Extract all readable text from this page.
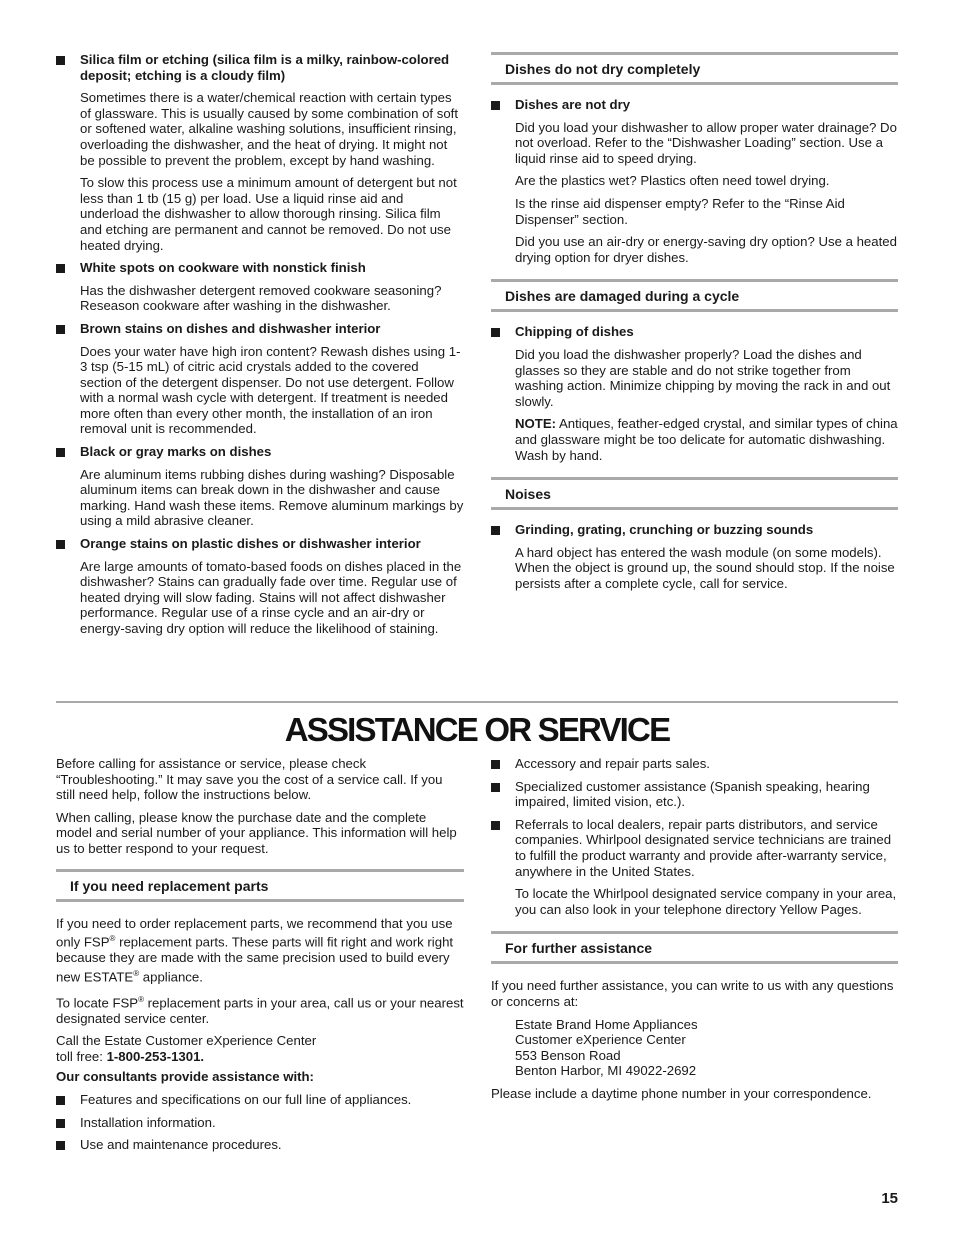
Silica film or etching (silica film is a milky, rainbow-colored deposit; etching is a cloudy film)

Sometimes there is a water/chemical reaction with certain types of glassware. This is usually caused by some combination of soft or softened water, alkaline washing solutions, insufficient rinsing, overloading the dishwasher, and the heat of drying. It might not be possible to prevent the problem, except by hand washing.

To slow this process use a minimum amount of detergent but not less than 1 tb (15 g) per load. Use a liquid rinse aid and underload the dishwasher to allow thorough rinsing. Silica film and etching are permanent and cannot be removed. Do not use heated drying.

White spots on cookware with nonstick finish

Has the dishwasher detergent removed cookware seasoning? Reseason cookware after washing in the dishwasher.

Brown stains on dishes and dishwasher interior

Does your water have high iron content? Rewash dishes using 1-3 tsp (5-15 mL) of citric acid crystals added to the covered section of the detergent dispenser. Do not use detergent. Follow with a normal wash cycle with detergent. If treatment is needed more often than every other month, the installation of an iron removal unit is recommended.

Black or gray marks on dishes

Are aluminum items rubbing dishes during washing? Disposable aluminum items can break down in the dishwasher and cause marking. Hand wash these items. Remove aluminum markings by using a mild abrasive cleaner.

Orange stains on plastic dishes or dishwasher interior

Are large amounts of tomato-based foods on dishes placed in the dishwasher? Stains can gradually fade over time. Regular use of heated drying will slow fading. Stains will not affect dishwasher performance. Regular use of a rinse cycle and an air-dry or energy-saving dry option will reduce the likelihood of staining.

Dishes do not dry completely
Dishes are not dry

Did you load your dishwasher to allow proper water drainage? Do not overload. Refer to the “Dishwasher Loading” section. Use a liquid rinse aid to speed drying.

Are the plastics wet? Plastics often need towel drying.

Is the rinse aid dispenser empty? Refer to the “Rinse Aid Dispenser” section.

Did you use an air-dry or energy-saving dry option? Use a heated drying option for dryer dishes.

Dishes are damaged during a cycle
Chipping of dishes

Did you load the dishwasher properly? Load the dishes and glasses so they are stable and do not strike together from washing action. Minimize chipping by moving the rack in and out slowly.

NOTE: Antiques, feather-edged crystal, and similar types of china and glassware might be too delicate for automatic dishwashing. Wash by hand.

Noises
Grinding, grating, crunching or buzzing sounds

A hard object has entered the wash module (on some models). When the object is ground up, the sound should stop. If the noise persists after a complete cycle, call for service.

ASSISTANCE OR SERVICE

Before calling for assistance or service, please check “Troubleshooting.” It may save you the cost of a service call. If you still need help, follow the instructions below.

When calling, please know the purchase date and the complete model and serial number of your appliance. This information will help us to better respond to your request.

If you need replacement parts

If you need to order replacement parts, we recommend that you use only FSP® replacement parts. These parts will fit right and work right because they are made with the same precision used to build every new ESTATE® appliance.

To locate FSP® replacement parts in your area, call us or your nearest designated service center.

Call the Estate Customer eXperience Center
toll free: 1-800-253-1301.

Our consultants provide assistance with:

Features and specifications on our full line of appliances.
Installation information.
Use and maintenance procedures.
Accessory and repair parts sales.
Specialized customer assistance (Spanish speaking, hearing impaired, limited vision, etc.).
Referrals to local dealers, repair parts distributors, and service companies. Whirlpool designated service technicians are trained to fulfill the product warranty and provide after-warranty service, anywhere in the United States.

To locate the Whirlpool designated service company in your area, you can also look in your telephone directory Yellow Pages.

For further assistance

If you need further assistance, you can write to us with any questions or concerns at:

Estate Brand Home Appliances
Customer eXperience Center
553 Benson Road
Benton Harbor, MI 49022-2692

Please include a daytime phone number in your correspondence.

15
